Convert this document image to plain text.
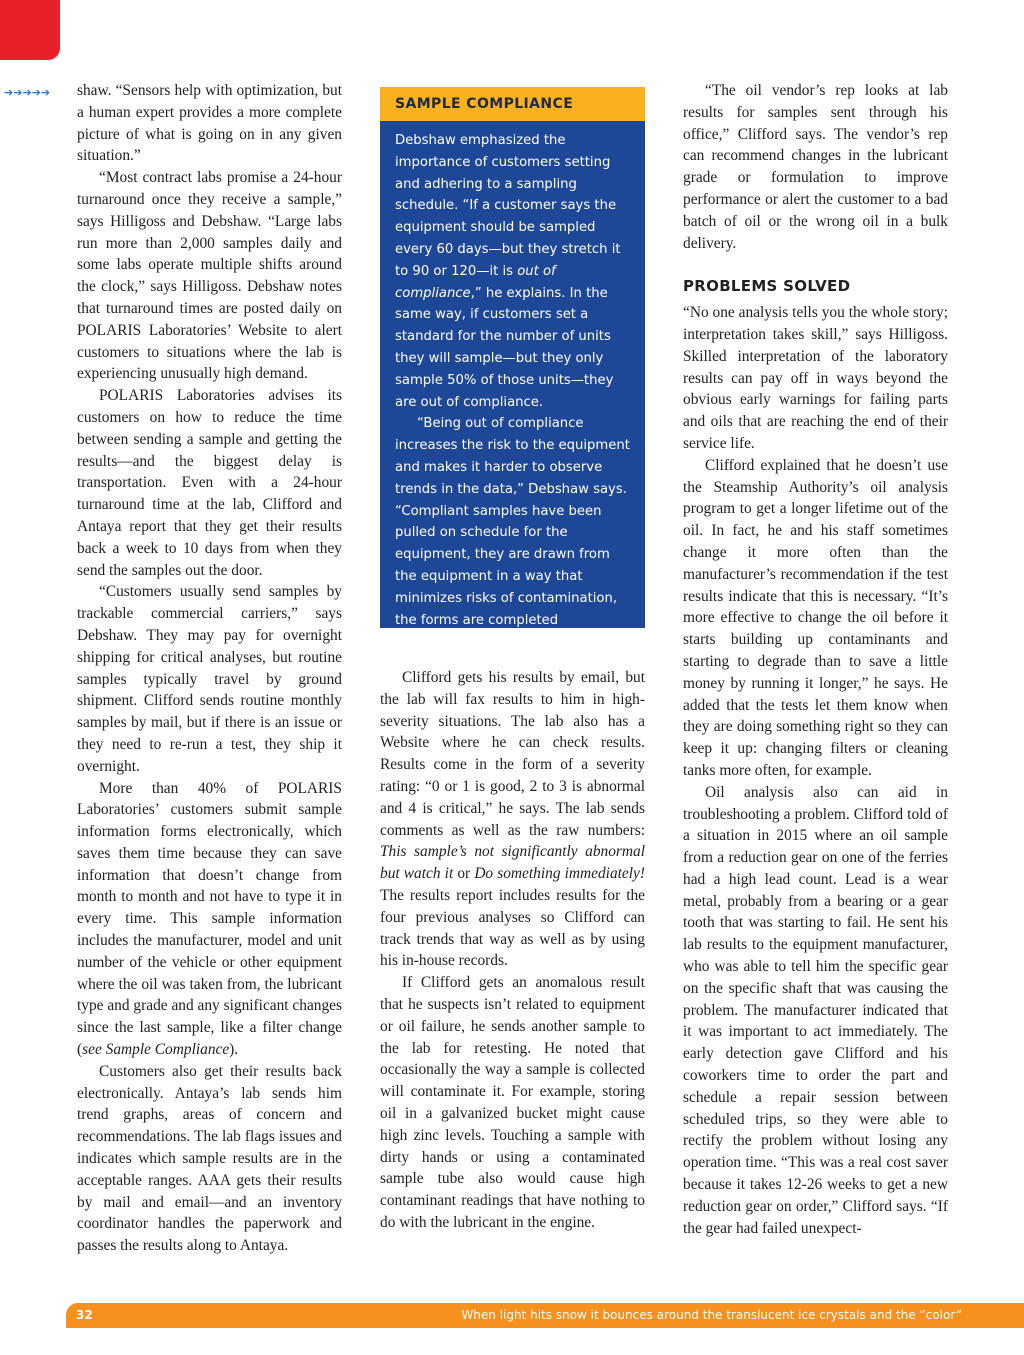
➔➔➔➔➔ shaw. “Sensors help with optimization, but a human expert provides a more complete picture of what is going on in any given situation.”

“Most contract labs promise a 24-hour turnaround once they receive a sample,” says Hilligoss and Debshaw. “Large labs run more than 2,000 samples daily and some labs operate multiple shifts around the clock,” says Hilligoss. Debshaw notes that turnaround times are posted daily on POLARIS Laboratories’ Website to alert customers to situations where the lab is experiencing unusually high demand.

POLARIS Laboratories advises its customers on how to reduce the time between sending a sample and getting the results—and the biggest delay is transportation. Even with a 24-hour turnaround time at the lab, Clifford and Antaya report that they get their results back a week to 10 days from when they send the samples out the door.

“Customers usually send samples by trackable commercial carriers,” says Debshaw. They may pay for overnight shipping for critical analyses, but routine samples typically travel by ground shipment. Clifford sends routine monthly samples by mail, but if there is an issue or they need to re-run a test, they ship it overnight.

More than 40% of POLARIS Laboratories’ customers submit sample information forms electronically, which saves them time because they can save information that doesn’t change from month to month and not have to type it in every time. This sample information includes the manufacturer, model and unit number of the vehicle or other equipment where the oil was taken from, the lubricant type and grade and any significant changes since the last sample, like a filter change (see Sample Compliance).

Customers also get their results back electronically. Antaya’s lab sends him trend graphs, areas of concern and recommendations. The lab flags issues and indicates which sample results are in the acceptable ranges. AAA gets their results by mail and email—and an inventory coordinator handles the paperwork and passes the results along to Antaya.

SAMPLE COMPLIANCE

Debshaw emphasized the importance of customers setting and adhering to a sampling schedule. “If a customer says the equipment should be sampled every 60 days—but they stretch it to 90 or 120—it is out of compliance,” he explains. In the same way, if customers set a standard for the number of units they will sample—but they only sample 50% of those units—they are out of compliance.

“Being out of compliance increases the risk to the equipment and makes it harder to observe trends in the data,” Debshaw says. “Compliant samples have been pulled on schedule for the equipment, they are drawn from the equipment in a way that minimizes risks of contamination, the forms are completed accurately and they are sent to the laboratory for analysis promptly.”

Clifford gets his results by email, but the lab will fax results to him in high-severity situations. The lab also has a Website where he can check results. Results come in the form of a severity rating: “0 or 1 is good, 2 to 3 is abnormal and 4 is critical,” he says. The lab sends comments as well as the raw numbers: This sample’s not significantly abnormal but watch it or Do something immediately! The results report includes results for the four previous analyses so Clifford can track trends that way as well as by using his in-house records.

If Clifford gets an anomalous result that he suspects isn’t related to equipment or oil failure, he sends another sample to the lab for retesting. He noted that occasionally the way a sample is collected will contaminate it. For example, storing oil in a galvanized bucket might cause high zinc levels. Touching a sample with dirty hands or using a contaminated sample tube also would cause high contaminant readings that have nothing to do with the lubricant in the engine.

“The oil vendor’s rep looks at lab results for samples sent through his office,” Clifford says. The vendor’s rep can recommend changes in the lubricant grade or formulation to improve performance or alert the customer to a bad batch of oil or the wrong oil in a bulk delivery.

PROBLEMS SOLVED

“No one analysis tells you the whole story; interpretation takes skill,” says Hilligoss. Skilled interpretation of the laboratory results can pay off in ways beyond the obvious early warnings for failing parts and oils that are reaching the end of their service life.

Clifford explained that he doesn’t use the Steamship Authority’s oil analysis program to get a longer lifetime out of the oil. In fact, he and his staff sometimes change it more often than the manufacturer’s recommendation if the test results indicate that this is necessary. “It’s more effective to change the oil before it starts building up contaminants and starting to degrade than to save a little money by running it longer,” he says. He added that the tests let them know when they are doing something right so they can keep it up: changing filters or cleaning tanks more often, for example.

Oil analysis also can aid in troubleshooting a problem. Clifford told of a situation in 2015 where an oil sample from a reduction gear on one of the ferries had a high lead count. Lead is a wear metal, probably from a bearing or a gear tooth that was starting to fail. He sent his lab results to the equipment manufacturer, who was able to tell him the specific gear on the specific shaft that was causing the problem. The manufacturer indicated that it was important to act immediately. The early detection gave Clifford and his coworkers time to order the part and schedule a repair session between scheduled trips, so they were able to rectify the problem without losing any operation time. “This was a real cost saver because it takes 12-26 weeks to get a new reduction gear on order,” Clifford says. “If the gear had failed unexpect-

32	When light hits snow it bounces around the translucent ice crystals and the “color”
